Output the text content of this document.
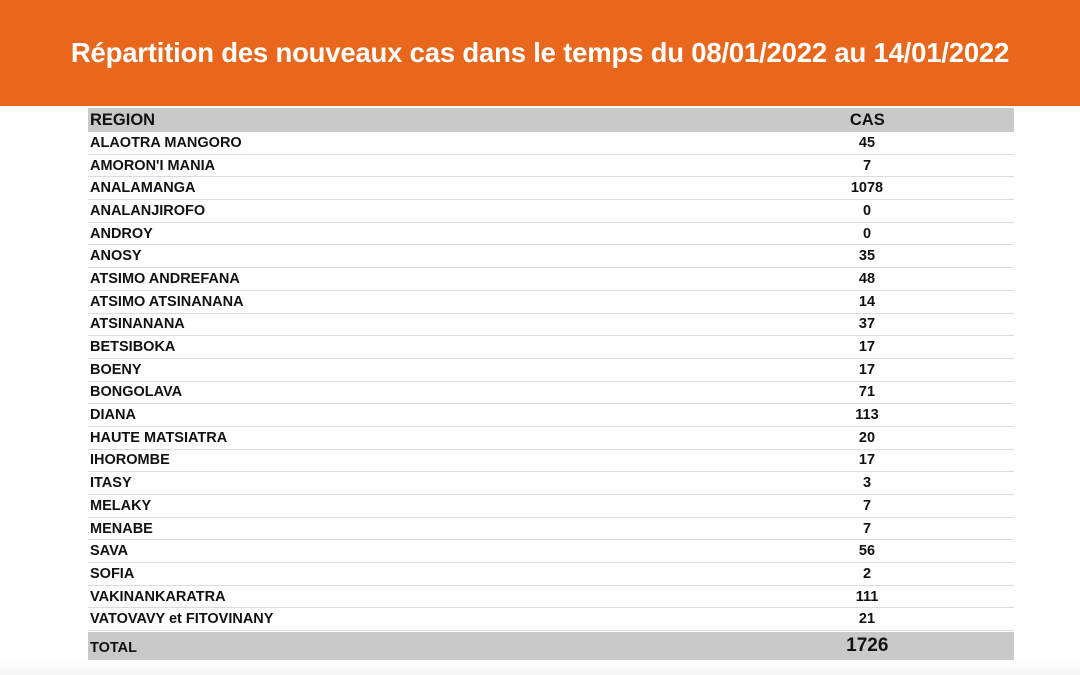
Répartition des nouveaux cas dans le temps du 08/01/2022 au 14/01/2022
REGION	CAS
ALAOTRA MANGORO	45
AMORON'I MANIA	7
ANALAMANGA	1078
ANALANJIROFO	0
ANDROY	0
ANOSY	35
ATSIMO ANDREFANA	48
ATSIMO ATSINANANA	14
ATSINANANA	37
BETSIBOKA	17
BOENY	17
BONGOLAVA	71
DIANA	113
HAUTE MATSIATRA	20
IHOROMBE	17
ITASY	3
MELAKY	7
MENABE	7
SAVA	56
SOFIA	2
VAKINANKARATRA	111
VATOVAVY et FITOVINANY	21
TOTAL	1726
